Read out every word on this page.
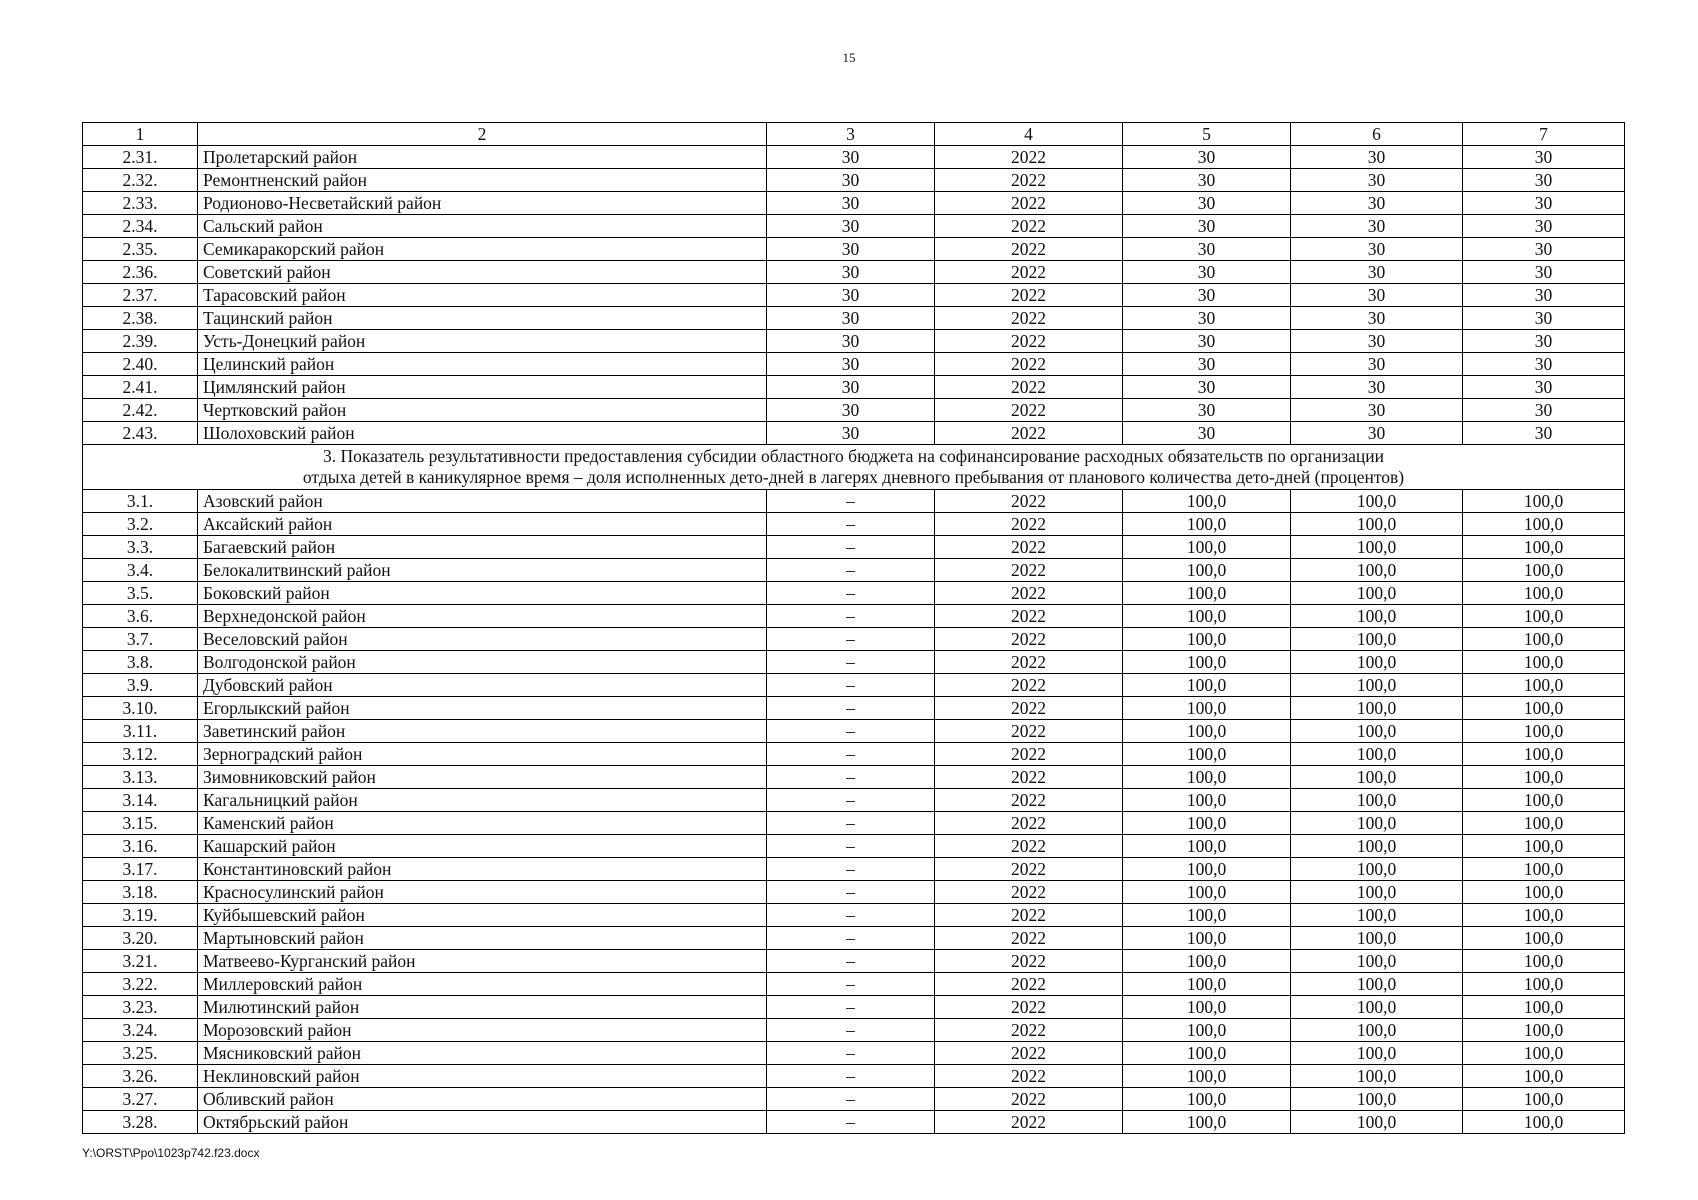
15
1	2	3	4	5	6	7
2.31.	Пролетарский район	30	2022	30	30	30
2.32.	Ремонтненский район	30	2022	30	30	30
2.33.	Родионово-Несветайский район	30	2022	30	30	30
2.34.	Сальский район	30	2022	30	30	30
2.35.	Семикаракорский район	30	2022	30	30	30
2.36.	Советский район	30	2022	30	30	30
2.37.	Тарасовский район	30	2022	30	30	30
2.38.	Тацинский район	30	2022	30	30	30
2.39.	Усть-Донецкий район	30	2022	30	30	30
2.40.	Целинский район	30	2022	30	30	30
2.41.	Цимлянский район	30	2022	30	30	30
2.42.	Чертковский район	30	2022	30	30	30
2.43.	Шолоховский район	30	2022	30	30	30

3. Показатель результативности предоставления субсидии областного бюджета на софинансирование расходных обязательств по организации
отдыха детей в каникулярное время – доля исполненных дето-дней в лагерях дневного пребывания от планового количества дето-дней (процентов)						

3.1.	Азовский район	–	2022	100,0	100,0	100,0
3.2.	Аксайский район	–	2022	100,0	100,0	100,0
3.3.	Багаевский район	–	2022	100,0	100,0	100,0
3.4.	Белокалитвинский район	–	2022	100,0	100,0	100,0
3.5.	Боковский район	–	2022	100,0	100,0	100,0
3.6.	Верхнедонской район	–	2022	100,0	100,0	100,0
3.7.	Веселовский район	–	2022	100,0	100,0	100,0
3.8.	Волгодонской район	–	2022	100,0	100,0	100,0
3.9.	Дубовский район	–	2022	100,0	100,0	100,0
3.10.	Егорлыкский район	–	2022	100,0	100,0	100,0
3.11.	Заветинский район	–	2022	100,0	100,0	100,0
3.12.	Зерноградский район	–	2022	100,0	100,0	100,0
3.13.	Зимовниковский район	–	2022	100,0	100,0	100,0
3.14.	Кагальницкий район	–	2022	100,0	100,0	100,0
3.15.	Каменский район	–	2022	100,0	100,0	100,0
3.16.	Кашарский район	–	2022	100,0	100,0	100,0
3.17.	Константиновский район	–	2022	100,0	100,0	100,0
3.18.	Красносулинский район	–	2022	100,0	100,0	100,0
3.19.	Куйбышевский район	–	2022	100,0	100,0	100,0
3.20.	Мартыновский район	–	2022	100,0	100,0	100,0
3.21.	Матвеево-Курганский район	–	2022	100,0	100,0	100,0
3.22.	Миллеровский район	–	2022	100,0	100,0	100,0
3.23.	Милютинский район	–	2022	100,0	100,0	100,0
3.24.	Морозовский район	–	2022	100,0	100,0	100,0
3.25.	Мясниковский район	–	2022	100,0	100,0	100,0
3.26.	Неклиновский район	–	2022	100,0	100,0	100,0
3.27.	Обливский район	–	2022	100,0	100,0	100,0
3.28.	Октябрьский район	–	2022	100,0	100,0	100,0
Y:\ORST\Ppo\1023p742.f23.docx
